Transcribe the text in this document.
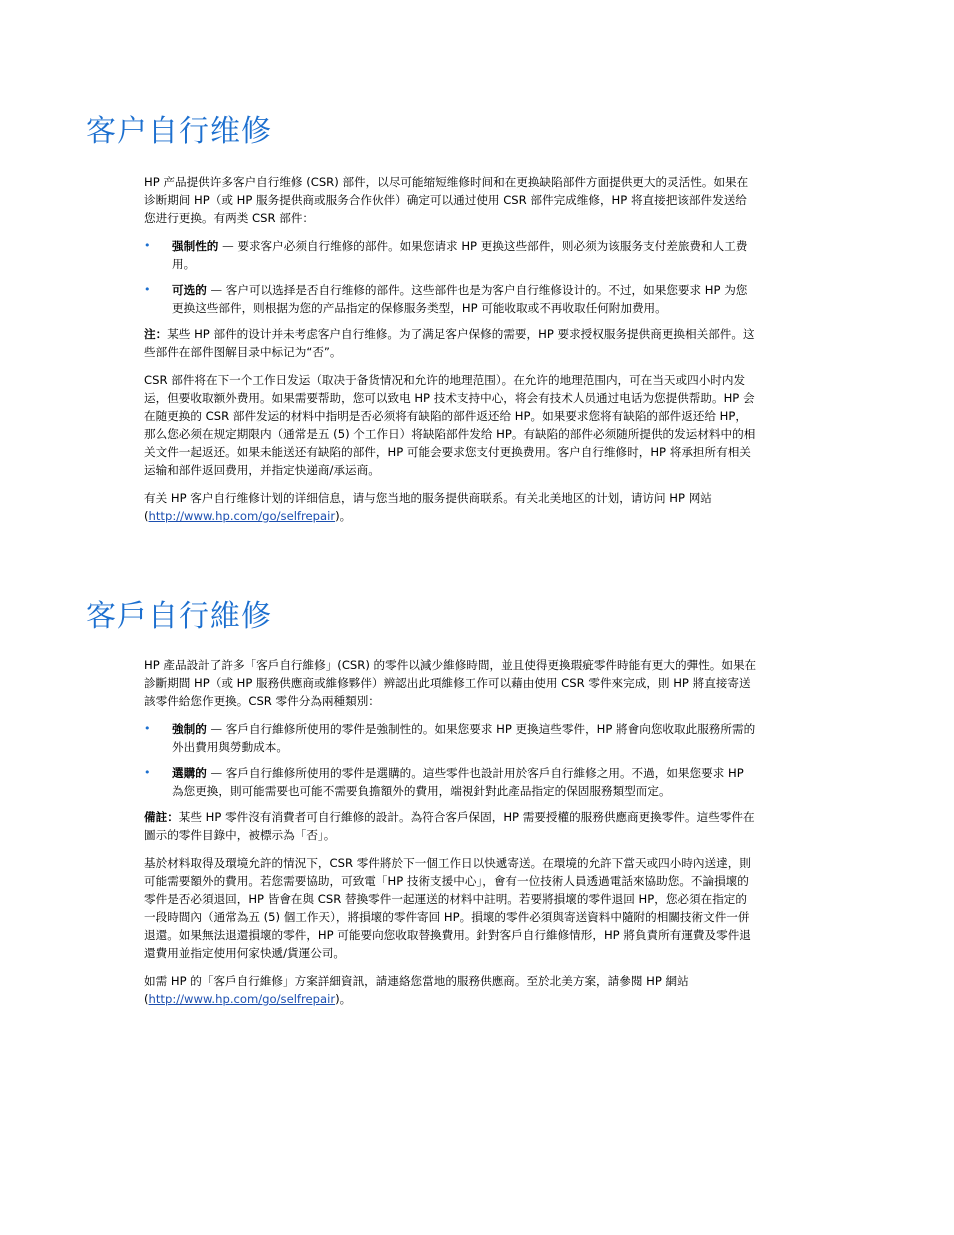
客户自行维修

HP 产品提供许多客户自行维修 (CSR) 部件，以尽可能缩短维修时间和在更换缺陷部件方面提供更大的灵活性。如果在诊断期间 HP（或 HP 服务提供商或服务合作伙伴）确定可以通过使用 CSR 部件完成维修，HP 将直接把该部件发送给您进行更换。有两类 CSR 部件：

• 强制性的 — 要求客户必须自行维修的部件。如果您请求 HP 更换这些部件，则必须为该服务支付差旅费和人工费用。
• 可选的 — 客户可以选择是否自行维修的部件。这些部件也是为客户自行维修设计的。不过，如果您要求 HP 为您更换这些部件，则根据为您的产品指定的保修服务类型，HP 可能收取或不再收取任何附加费用。

注：某些 HP 部件的设计并未考虑客户自行维修。为了满足客户保修的需要，HP 要求授权服务提供商更换相关部件。这些部件在部件图解目录中标记为“否”。

CSR 部件将在下一个工作日发运（取决于备货情况和允许的地理范围）。在允许的地理范围内，可在当天或四小时内发运，但要收取额外费用。如果需要帮助，您可以致电 HP 技术支持中心，将会有技术人员通过电话为您提供帮助。HP 会在随更换的 CSR 部件发运的材料中指明是否必须将有缺陷的部件返还给 HP。如果要求您将有缺陷的部件返还给 HP，那么您必须在规定期限内（通常是五 (5) 个工作日）将缺陷部件发给 HP。有缺陷的部件必须随所提供的发运材料中的相关文件一起返还。如果未能送还有缺陷的部件，HP 可能会要求您支付更换费用。客户自行维修时，HP 将承担所有相关运输和部件返回费用，并指定快递商/承运商。

有关 HP 客户自行维修计划的详细信息，请与您当地的服务提供商联系。有关北美地区的计划，请访问 HP 网站 (http://www.hp.com/go/selfrepair)。

客戶自行維修

HP 產品設計了許多「客戶自行維修」(CSR) 的零件以減少維修時間，並且使得更換瑕疵零件時能有更大的彈性。如果在診斷期間 HP（或 HP 服務供應商或維修夥伴）辨認出此項維修工作可以藉由使用 CSR 零件來完成，則 HP 將直接寄送該零件給您作更換。CSR 零件分為兩種類別：

• 強制的 — 客戶自行維修所使用的零件是強制性的。如果您要求 HP 更換這些零件，HP 將會向您收取此服務所需的外出費用與勞動成本。
• 選購的 — 客戶自行維修所使用的零件是選購的。這些零件也設計用於客戶自行維修之用。不過，如果您要求 HP 為您更換，則可能需要也可能不需要負擔額外的費用，端視針對此產品指定的保固服務類型而定。

備註：某些 HP 零件沒有消費者可自行維修的設計。為符合客戶保固，HP 需要授權的服務供應商更換零件。這些零件在圖示的零件目錄中，被標示為「否」。

基於材料取得及環境允許的情況下，CSR 零件將於下一個工作日以快遞寄送。在環境的允許下當天或四小時內送達，則可能需要額外的費用。若您需要協助，可致電「HP 技術支援中心」，會有一位技術人員透過電話來協助您。不論損壞的零件是否必須退回，HP 皆會在與 CSR 替換零件一起運送的材料中註明。若要將損壞的零件退回 HP，您必須在指定的一段時間內（通常為五 (5) 個工作天），將損壞的零件寄回 HP。損壞的零件必須與寄送資料中隨附的相關技術文件一併退還。如果無法退還損壞的零件，HP 可能要向您收取替換費用。針對客戶自行維修情形，HP 將負責所有運費及零件退還費用並指定使用何家快遞/貨運公司。

如需 HP 的「客戶自行維修」方案詳細資訊，請連絡您當地的服務供應商。至於北美方案，請參閱 HP 網站 (http://www.hp.com/go/selfrepair)。
